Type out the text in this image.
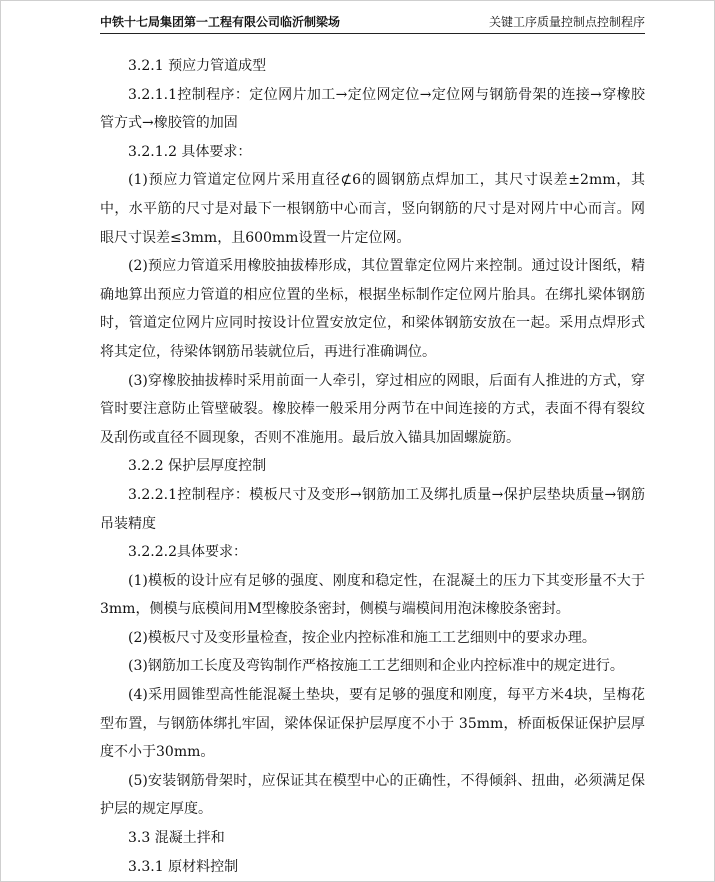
中铁十七局集团第一工程有限公司临沂制梁场	关键工序质量控制点控制程序

3.2.1 预应力管道成型

3.2.1.1控制程序：定位网片加工→定位网定位→定位网与钢筋骨架的连接→穿橡胶管方式→橡胶管的加固

3.2.1.2 具体要求：

(1)预应力管道定位网片采用直径⊄6的圆钢筋点焊加工，其尺寸误差±2mm，其中，水平筋的尺寸是对最下一根钢筋中心而言，竖向钢筋的尺寸是对网片中心而言。网眼尺寸误差≤3mm，且600mm设置一片定位网。

(2)预应力管道采用橡胶抽拔棒形成，其位置靠定位网片来控制。通过设计图纸，精确地算出预应力管道的相应位置的坐标，根据坐标制作定位网片胎具。在绑扎梁体钢筋时，管道定位网片应同时按设计位置安放定位，和梁体钢筋安放在一起。采用点焊形式将其定位，待梁体钢筋吊装就位后，再进行准确调位。

(3)穿橡胶抽拔棒时采用前面一人牵引，穿过相应的网眼，后面有人推进的方式，穿管时要注意防止管壁破裂。橡胶棒一般采用分两节在中间连接的方式，表面不得有裂纹及刮伤或直径不圆现象，否则不准施用。最后放入锚具加固螺旋筋。

3.2.2 保护层厚度控制

3.2.2.1控制程序：模板尺寸及变形→钢筋加工及绑扎质量→保护层垫块质量→钢筋吊装精度

3.2.2.2具体要求：

(1)模板的设计应有足够的强度、刚度和稳定性，在混凝土的压力下其变形量不大于3mm，侧模与底模间用M型橡胶条密封，侧模与端模间用泡沫橡胶条密封。

(2)模板尺寸及变形量检查，按企业内控标准和施工工艺细则中的要求办理。

(3)钢筋加工长度及弯钩制作严格按施工工艺细则和企业内控标准中的规定进行。

(4)采用圆锥型高性能混凝土垫块，要有足够的强度和刚度，每平方米4块，呈梅花型布置，与钢筋体绑扎牢固，梁体保证保护层厚度不小于 35mm，桥面板保证保护层厚度不小于30mm。

(5)安装钢筋骨架时，应保证其在模型中心的正确性，不得倾斜、扭曲，必须满足保护层的规定厚度。

3.3 混凝土拌和

3.3.1 原材料控制
